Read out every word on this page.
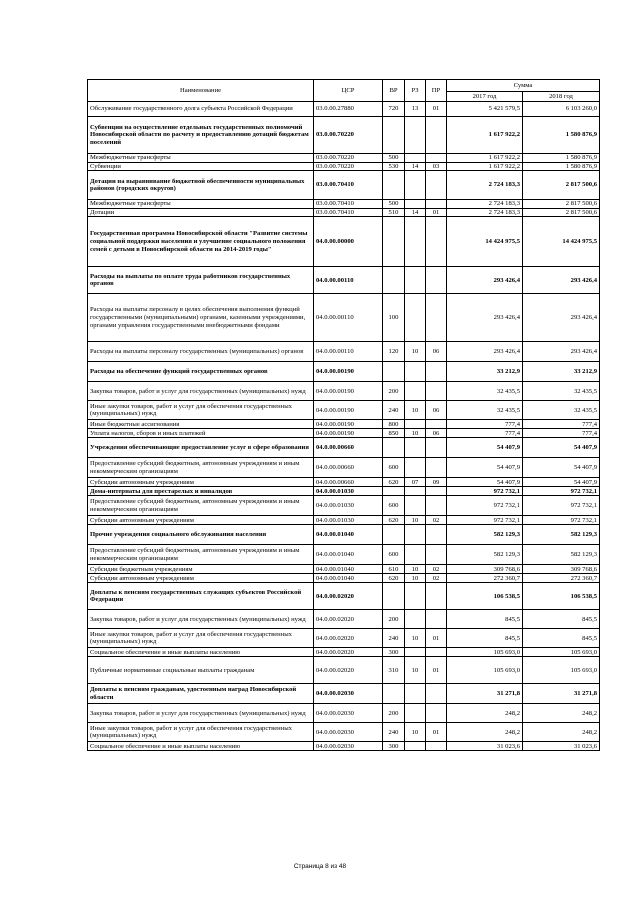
Наименование	ЦСР	ВР	РЗ	ПР	Сумма	
					2017 год	2018 год
Обслуживание государственного долга субъекта Российской Федерации	03.0.00.27880	720	13	01	5 421 579,5	6 103 260,0
Субвенции на осуществление отдельных государственных полномочий Новосибирской области по расчету и предоставлению дотаций бюджетам поселений	03.0.00.70220				1 617 922,2	1 580 876,9
Межбюджетные трансферты	03.0.00.70220	500			1 617 922,2	1 580 876,9
Субвенции	03.0.00.70220	530	14	03	1 617 922,2	1 580 876,9
Дотации на выравнивание бюджетной обеспеченности муниципальных районов (городских округов)	03.0.00.70410				2 724 183,3	2 817 500,6
Межбюджетные трансферты	03.0.00.70410	500			2 724 183,3	2 817 500,6
Дотации	03.0.00.70410	510	14	01	2 724 183,3	2 817 500,6
Государственная программа Новосибирской области "Развитие системы социальной поддержки населения и улучшение социального положения семей с детьми в Новосибирской области на 2014-2019 годы"	04.0.00.00000				14 424 975,5	14 424 975,5
Расходы на выплаты по оплате труда работников государственных органов	04.0.00.00110				293 426,4	293 426,4
Расходы на выплаты персоналу в целях обеспечения выполнения функций государственными (муниципальными) органами, казенными учреждениями, органами управления государственными внебюджетными фондами	04.0.00.00110	100			293 426,4	293 426,4
Расходы на выплаты персоналу государственных (муниципальных) органов	04.0.00.00110	120	10	06	293 426,4	293 426,4
Расходы на обеспечение функций государственных органов	04.0.00.00190				33 212,9	33 212,9
Закупка товаров, работ и услуг для государственных (муниципальных) нужд	04.0.00.00190	200			32 435,5	32 435,5
Иные закупки товаров, работ и услуг для обеспечения государственных (муниципальных) нужд	04.0.00.00190	240	10	06	32 435,5	32 435,5
Иные бюджетные ассигнования	04.0.00.00190	800			777,4	777,4
Уплата налогов, сборов и иных платежей	04.0.00.00190	850	10	06	777,4	777,4
Учреждения обеспечивающие предоставление услуг в сфере образования	04.0.00.00660				54 407,9	54 407,9
Предоставление субсидий бюджетным, автономным учреждениям и иным некоммерческим организациям	04.0.00.00660	600			54 407,9	54 407,9
Субсидии автономным учреждениям	04.0.00.00660	620	07	09	54 407,9	54 407,9
Дома-интернаты для престарелых и инвалидов	04.0.00.01030				972 732,1	972 732,1
Предоставление субсидий бюджетным, автономным учреждениям и иным некоммерческим организациям	04.0.00.01030	600			972 732,1	972 732,1
Субсидии автономным учреждениям	04.0.00.01030	620	10	02	972 732,1	972 732,1
Прочие учреждения социального обслуживания населения	04.0.00.01040				582 129,3	582 129,3
Предоставление субсидий бюджетным, автономным учреждениям и иным некоммерческим организациям	04.0.00.01040	600			582 129,3	582 129,3
Субсидии бюджетным учреждениям	04.0.00.01040	610	10	02	309 768,6	309 768,6
Субсидии автономным учреждениям	04.0.00.01040	620	10	02	272 360,7	272 360,7
Доплаты к пенсиям государственных служащих субъектов Российской Федерации	04.0.00.02020				106 538,5	106 538,5
Закупка товаров, работ и услуг для государственных (муниципальных) нужд	04.0.00.02020	200			845,5	845,5
Иные закупки товаров, работ и услуг для обеспечения государственных (муниципальных) нужд	04.0.00.02020	240	10	01	845,5	845,5
Социальное обеспечение и иные выплаты населению	04.0.00.02020	300			105 693,0	105 693,0
Публичные нормативные социальные выплаты гражданам	04.0.00.02020	310	10	01	105 693,0	105 693,0
Доплаты к пенсиям гражданам, удостоенным наград Новосибирской области	04.0.00.02030				31 271,8	31 271,8
Закупка товаров, работ и услуг для государственных (муниципальных) нужд	04.0.00.02030	200			248,2	248,2
Иные закупки товаров, работ и услуг для обеспечения государственных (муниципальных) нужд	04.0.00.02030	240	10	01	248,2	248,2
Социальное обеспечение и иные выплаты населению	04.0.00.02030	300			31 023,6	31 023,6
Страница 8 из 48
